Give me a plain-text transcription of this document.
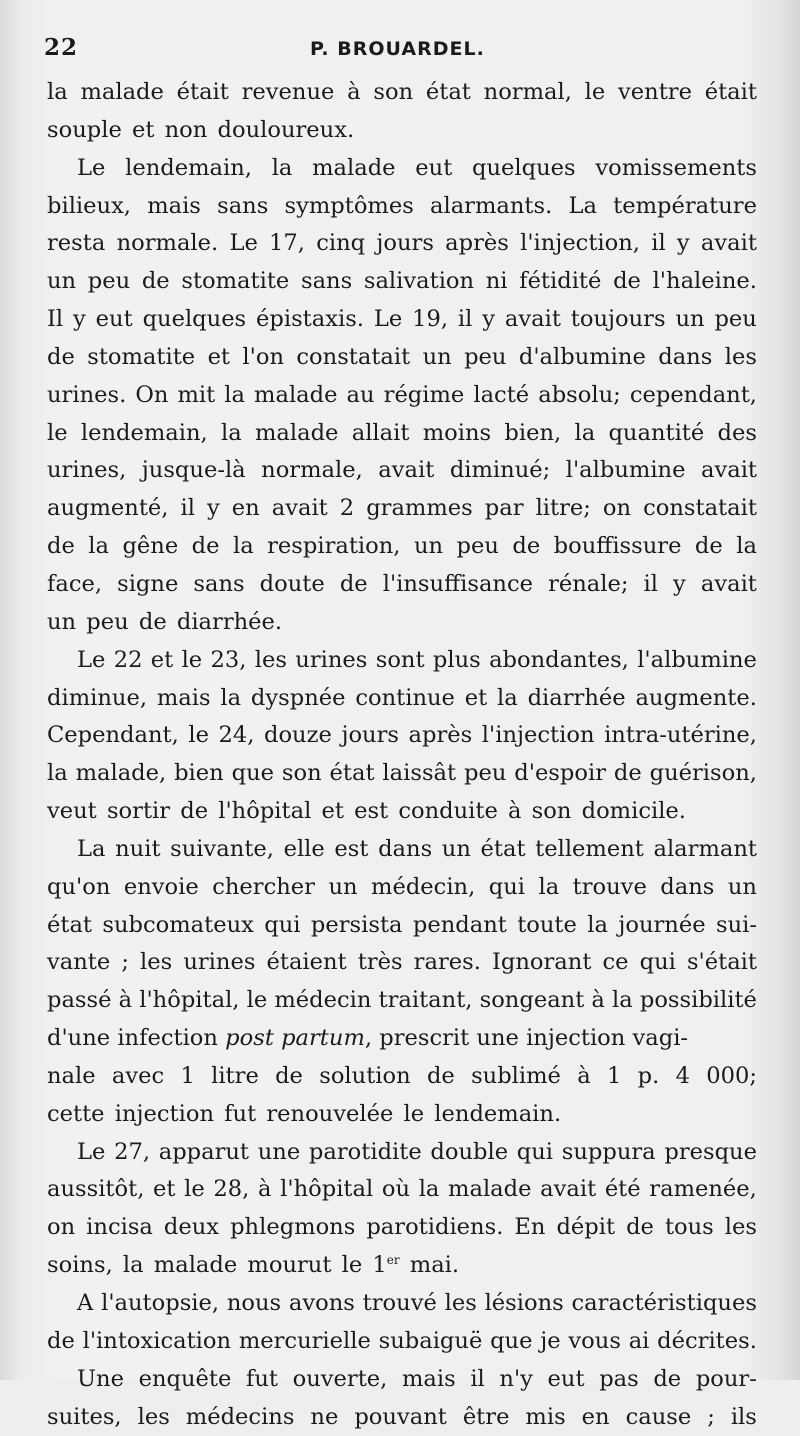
22	P. BROUARDEL.
la malade était revenue à son état normal, le ventre était
souple et non douloureux.
Le lendemain, la malade eut quelques vomissements
bilieux, mais sans symptômes alarmants. La température
resta normale. Le 17, cinq jours après l'injection, il y avait
un peu de stomatite sans salivation ni fétidité de l'haleine.
Il y eut quelques épistaxis. Le 19, il y avait toujours un peu
de stomatite et l'on constatait un peu d'albumine dans les
urines. On mit la malade au régime lacté absolu; cependant,
le lendemain, la malade allait moins bien, la quantité des
urines, jusque-là normale, avait diminué; l'albumine avait
augmenté, il y en avait 2 grammes par litre; on constatait
de la gêne de la respiration, un peu de bouffissure de la
face, signe sans doute de l'insuffisance rénale; il y avait
un peu de diarrhée.
Le 22 et le 23, les urines sont plus abondantes, l'albumine
diminue, mais la dyspnée continue et la diarrhée augmente.
Cependant, le 24, douze jours après l'injection intra-utérine,
la malade, bien que son état laissât peu d'espoir de guérison,
veut sortir de l'hôpital et est conduite à son domicile.
La nuit suivante, elle est dans un état tellement alarmant
qu'on envoie chercher un médecin, qui la trouve dans un
état subcomateux qui persista pendant toute la journée sui-
vante ; les urines étaient très rares. Ignorant ce qui s'était
passé à l'hôpital, le médecin traitant, songeant à la possibilité
d'une infection post partum, prescrit une injection vagi-
nale avec 1 litre de solution de sublimé à 1 p. 4 000;
cette injection fut renouvelée le lendemain.
Le 27, apparut une parotidite double qui suppura presque
aussitôt, et le 28, à l'hôpital où la malade avait été ramenée,
on incisa deux phlegmons parotidiens. En dépit de tous les
soins, la malade mourut le 1er mai.
A l'autopsie, nous avons trouvé les lésions caractéristiques
de l'intoxication mercurielle subaiguë que je vous ai décrites.
Une enquête fut ouverte, mais il n'y eut pas de pour-
suites, les médecins ne pouvant être mis en cause ; ils
